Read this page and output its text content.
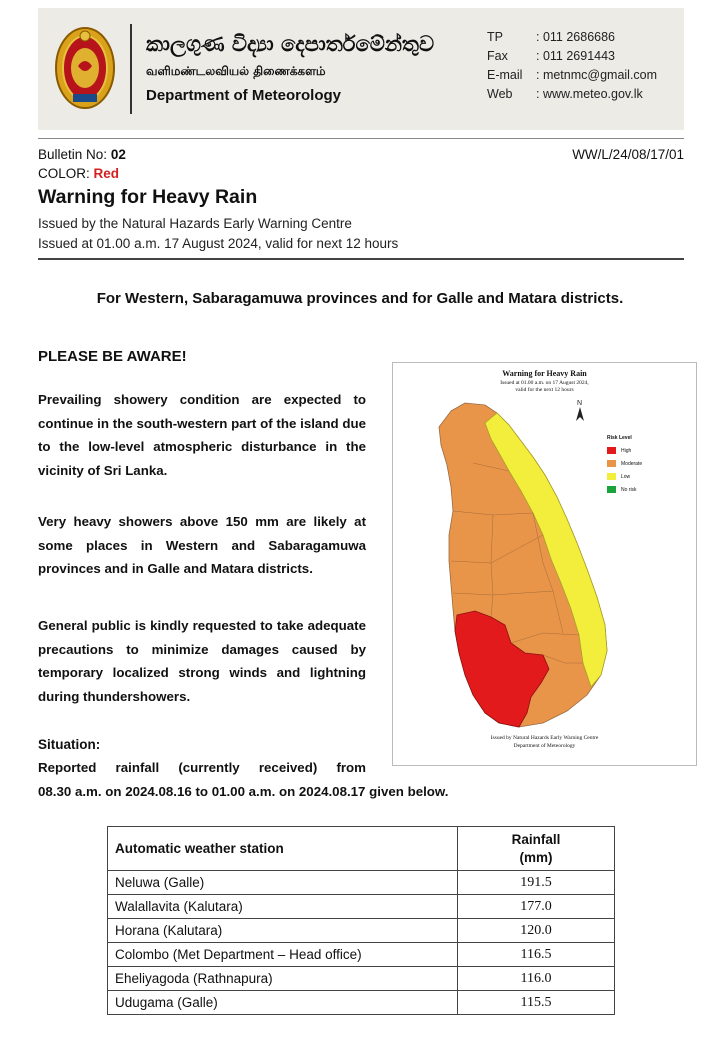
කාලගුණ විද්‍යා දෙපාර්තමේන්තුව
வளிமண்டலவியல் திணைக்களம்
Department of Meteorology
TP	: 011 2686686
Fax : 011 2691443
E-mail : metnmc@gmail.com
Web : www.meteo.gov.lk
Bulletin No: 02	WW/L/24/08/17/01
COLOR: Red
Warning for Heavy Rain
Issued by the Natural Hazards Early Warning Centre
Issued at 01.00 a.m. 17 August 2024, valid for next 12 hours
For Western, Sabaragamuwa provinces and for Galle and Matara districts.
PLEASE BE AWARE!
Prevailing showery condition are expected to continue in the south-western part of the island due to the low-level atmospheric disturbance in the vicinity of Sri Lanka.
Very heavy showers above 150 mm are likely at some places in Western and Sabaragamuwa provinces and in Galle and Matara districts.
General public is kindly requested to take adequate precautions to minimize damages caused by temporary localized strong winds and lightning during thundershowers.
Situation:
Reported rainfall (currently received) from
08.30 a.m. on 2024.08.16 to 01.00 a.m. on 2024.08.17 given below.
N
Warning for Heavy Rain
Issued at 01.00 a.m. on 17 August 2024,
valid for the next 12 hours
Risk Level
High
Moderate
Low
No risk
Issued by Natural Hazards Early Warning Centre
Department of Meteorology
Automatic weather station	Rainfall
(mm)
Neluwa (Galle)	191.5
Walallavita (Kalutara)	177.0
Horana (Kalutara)	120.0
Colombo (Met Department – Head office)	116.5
Eheliyagoda (Rathnapura)	116.0
Udugama (Galle)	115.5
